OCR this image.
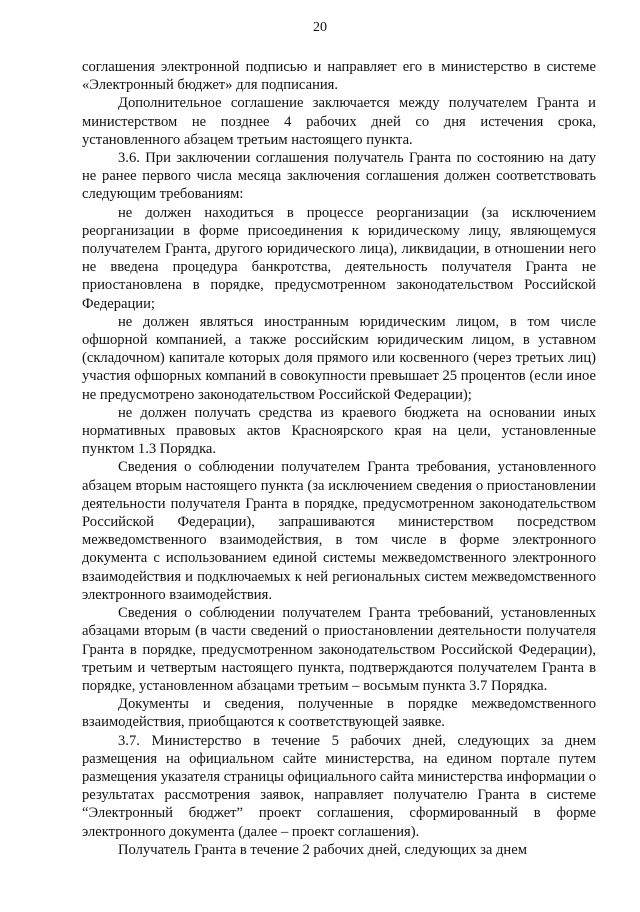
20

соглашения электронной подписью и направляет его в министерство в системе «Электронный бюджет» для подписания.

Дополнительное соглашение заключается между получателем Гранта и министерством не позднее 4 рабочих дней со дня истечения срока, установленного абзацем третьим настоящего пункта.

3.6. При заключении соглашения получатель Гранта по состоянию на дату не ранее первого числа месяца заключения соглашения должен соответствовать следующим требованиям:

не должен находиться в процессе реорганизации (за исключением реорганизации в форме присоединения к юридическому лицу, являющемуся получателем Гранта, другого юридического лица), ликвидации, в отношении него не введена процедура банкротства, деятельность получателя Гранта не приостановлена в порядке, предусмотренном законодательством Российской Федерации;

не должен являться иностранным юридическим лицом, в том числе офшорной компанией, а также российским юридическим лицом, в уставном (складочном) капитале которых доля прямого или косвенного (через третьих лиц) участия офшорных компаний в совокупности превышает 25 процентов (если иное не предусмотрено законодательством Российской Федерации);

не должен получать средства из краевого бюджета на основании иных нормативных правовых актов Красноярского края на цели, установленные пунктом 1.3 Порядка.

Сведения о соблюдении получателем Гранта требования, установленного абзацем вторым настоящего пункта (за исключением сведения о приостановлении деятельности получателя Гранта в порядке, предусмотренном законодательством Российской Федерации), запрашиваются министерством посредством межведомственного взаимодействия, в том числе в форме электронного документа с использованием единой системы межведомственного электронного взаимодействия и подключаемых к ней региональных систем межведомственного электронного взаимодействия.

Сведения о соблюдении получателем Гранта требований, установленных абзацами вторым (в части сведений о приостановлении деятельности получателя Гранта в порядке, предусмотренном законодательством Российской Федерации), третьим и четвертым настоящего пункта, подтверждаются получателем Гранта в порядке, установленном абзацами третьим – восьмым пункта 3.7 Порядка.

Документы и сведения, полученные в порядке межведомственного взаимодействия, приобщаются к соответствующей заявке.

3.7. Министерство в течение 5 рабочих дней, следующих за днем размещения на официальном сайте министерства, на едином портале путем размещения указателя страницы официального сайта министерства информации о результатах рассмотрения заявок, направляет получателю Гранта в системе “Электронный бюджет” проект соглашения, сформированный в форме электронного документа (далее – проект соглашения).

Получатель Гранта в течение 2 рабочих дней, следующих за днем
